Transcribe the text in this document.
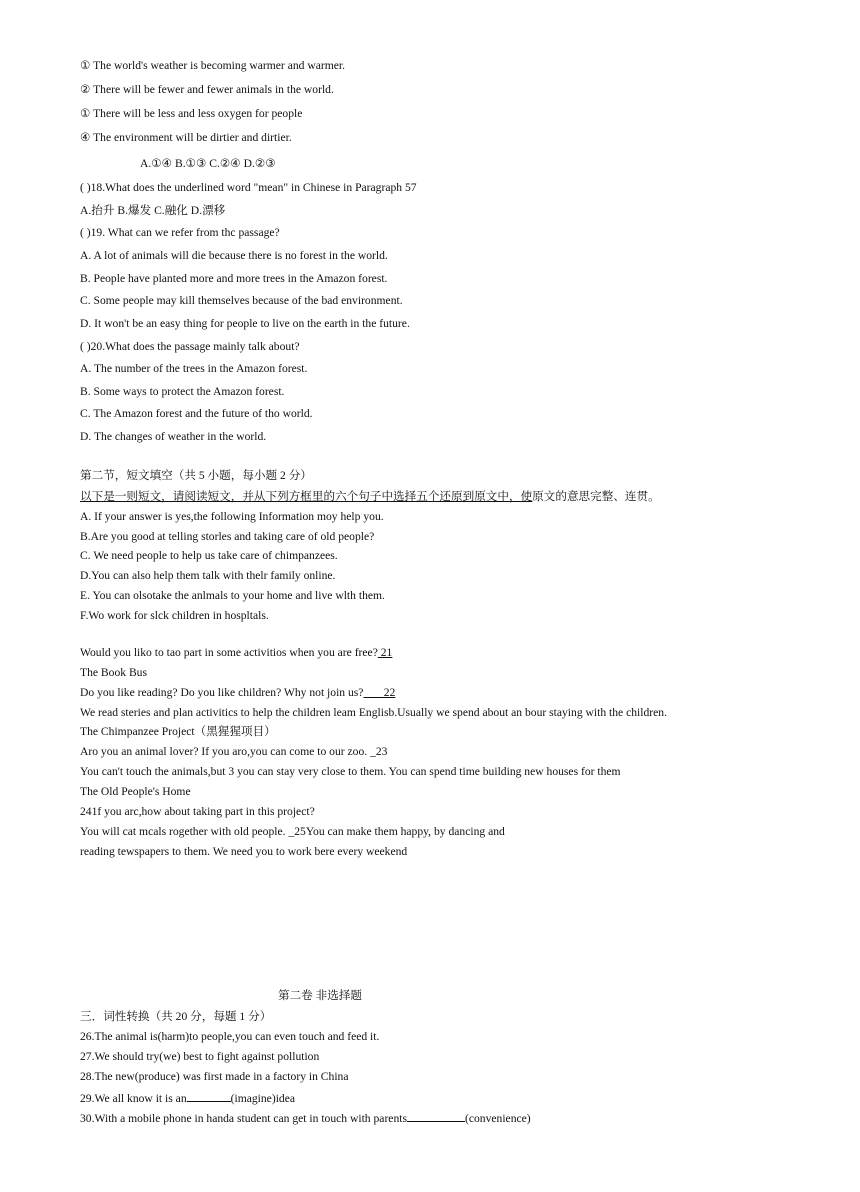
① The world's weather is becoming warmer and warmer.
② There will be fewer and fewer animals in the world.
① There will be less and less oxygen for people
④ The environment will be dirtier and dirtier.
A.①④ B.①③ C.②④ D.②③
( )18.What does the underlined word "mean" in Chinese in Paragraph 57
A.抬升 B.爆发 C.融化 D.漂移
( )19. What can we refer from thc passage?
A. A lot of animals will die because there is no forest in the world.
B. People have planted more and more trees in the Amazon forest.
C. Some people may kill themselves because of the bad environment.
D. It won't be an easy thing for people to live on the earth in the future.
( )20.What does the passage mainly talk about?
A. The number of the trees in the Amazon forest.
B. Some ways to protect the Amazon forest.
C. The Amazon forest and the future of tho world.
D. The changes of weather in the world.
第二节，短文填空（共 5 小题，每小题 2 分）
以下是一则短文，请阅读短文，并从下列方框里的六个句子中选择五个还原到原文中，使原文的意思完整、连贯。
A. If your answer is yes,the following Information moy help you.
B.Are you good at telling storles and taking care of old people?
C. We need people to help us take care of chimpanzees.
D.You can also help them talk with thelr family online.
E. You can olsotake the anlmals to your home and live wlth them.
F.Wo work for slck children in hospltals.
Would you liko to tao part in some activitios when you are free? 21
The Book Bus
Do you like reading? Do you like children? Why not join us?       22
We read steries and plan activitics to help the children leam Englisb.Usually we spend about an bour staying with the children.
The Chimpanzee Project（黑猩猩项目）
Aro you an animal lover? If you aro,you can come to our zoo. _23
You can't touch the animals,but 3 you can stay very close to them. You can spend time building new houses for them
The Old People's Home
241f you arc,how about taking part in this project?
You will cat mcals rogether with old people. _25You can make them happy, by dancing and
reading tewspapers to them. We need you to work bere every weekend
第二卷 非选择题
三．词性转换（共 20 分，每题 1 分）
26.The animal is(harm)to people,you can even touch and feed it.
27.We should try(we) best to fight against pollution
28.The new(produce) was first made in a factory in China
29.We all know it is an	(imagine)idea
30.With a mobile phone in handa student can get in touch with parents	(convenience)
